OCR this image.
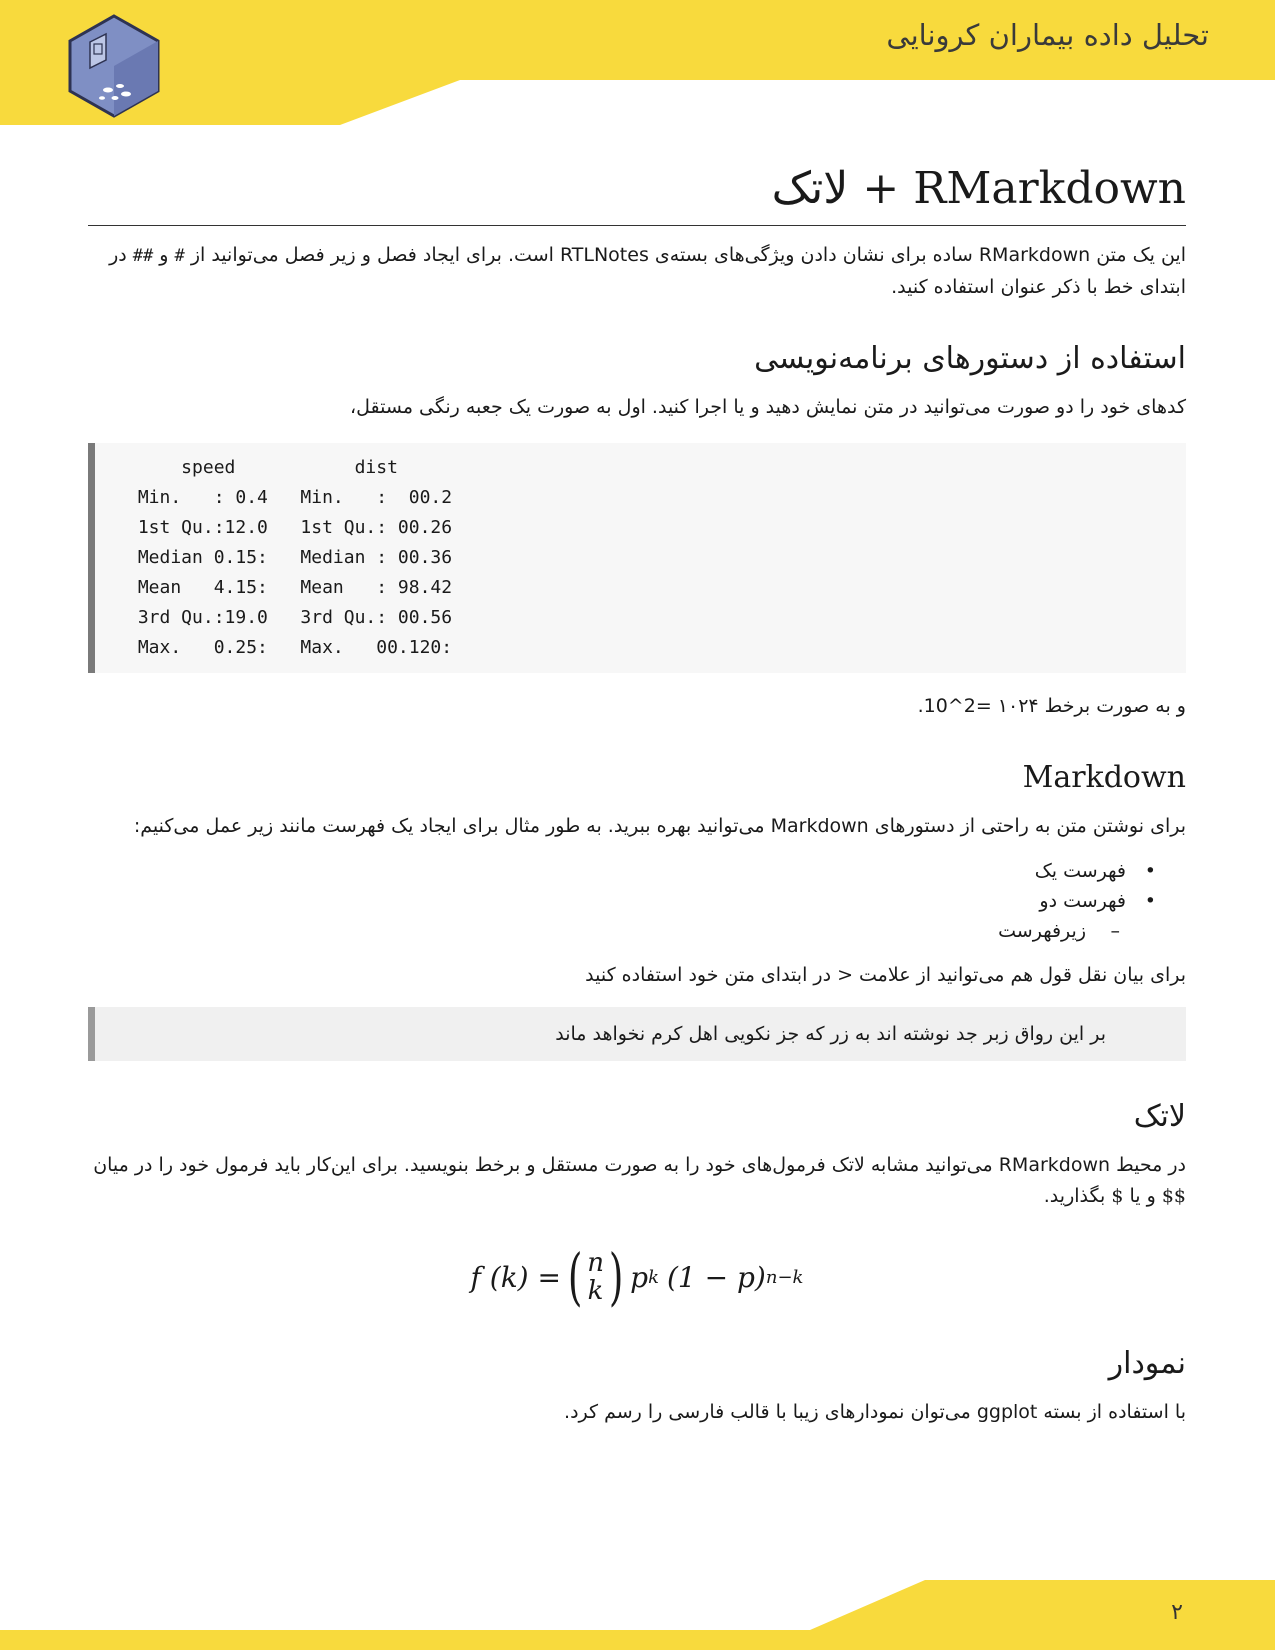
تحلیل داده بیماران کرونایی
RMarkdown + لاتک

این یک متن RMarkdown ساده برای نشان دادن ویژگی‌های بسته‌ی RTLNotes است. برای ایجاد فصل و زیر فصل می‌توانید از # و ## در ابتدای خط با ذکر عنوان استفاده کنید.

استفاده از دستورهای برنامه‌نویسی

کدهای خود را دو صورت می‌توانید در متن نمایش دهید و یا اجرا کنید. اول به صورت یک جعبه رنگی مستقل،

speed           dist
Min.   : 0.4   Min.   :  00.2
1st Qu.:12.0   1st Qu.: 00.26
Median 0.15:   Median : 00.36
Mean   4.15:   Mean   : 98.42
3rd Qu.:19.0   3rd Qu.: 00.56
Max.   0.25:   Max.   00.120:

و به صورت برخط ۱۰۲۴ =2^10.

Markdown

برای نوشتن متن به راحتی از دستورهای Markdown می‌توانید بهره ببرید. به طور مثال برای ایجاد یک فهرست مانند زیر عمل می‌کنیم:

•
فهرست یک
•
فهرست دو
–
زیرفهرست

برای بیان نقل قول هم می‌توانید از علامت < در ابتدای متن خود استفاده کنید

بر این رواق زبر جد نوشته اند به زر که جز نکویی اهل کرم نخواهد ماند
لاتک

در محیط RMarkdown می‌توانید مشابه لاتک فرمول‌های خود را به صورت مستقل و برخط بنویسید. برای این‌کار باید فرمول خود را در میان $$ و یا $ بگذارید.

f (k) = ( n
k ) p k (1 − p) n−k
نمودار

با استفاده از بسته ggplot می‌توان نمودارهای زیبا با قالب فارسی را رسم کرد.

۲
